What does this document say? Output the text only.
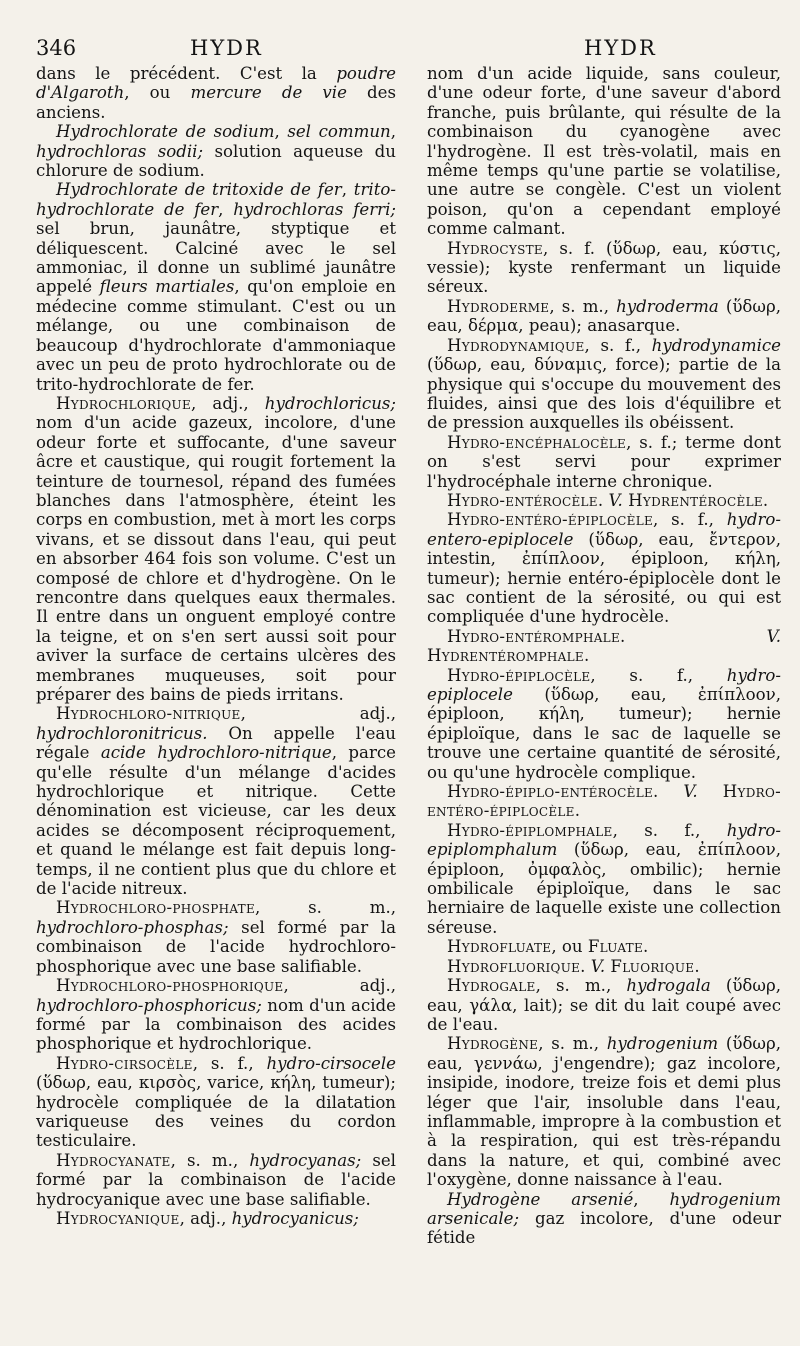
346	HYDR	HYDR

dans le précédent. C'est la poudre d'Algaroth, ou mercure de vie des anciens.

Hydrochlorate de sodium, sel commun, hydrochloras sodii; solution aqueuse du chlorure de sodium.

Hydrochlorate de tritoxide de fer, trito-hydrochlorate de fer, hydrochloras ferri; sel brun, jaunâtre, styptique et déliquescent. Calciné avec le sel ammoniac, il donne un sublimé jaunâtre appelé fleurs martiales, qu'on emploie en médecine comme stimulant. C'est ou un mélange, ou une combinaison de beaucoup d'hydrochlorate d'ammoniaque avec un peu de proto hydrochlorate ou de trito-hydrochlorate de fer.

Hydrochlorique, adj., hydrochloricus; nom d'un acide gazeux, incolore, d'une odeur forte et suffocante, d'une saveur âcre et caustique, qui rougit fortement la teinture de tournesol, répand des fumées blanches dans l'atmosphère, éteint les corps en combustion, met à mort les corps vivans, et se dissout dans l'eau, qui peut en absorber 464 fois son volume. C'est un composé de chlore et d'hydrogène. On le rencontre dans quelques eaux thermales. Il entre dans un onguent employé contre la teigne, et on s'en sert aussi soit pour aviver la surface de certains ulcères des membranes muqueuses, soit pour préparer des bains de pieds irritans.

Hydrochloro-nitrique, adj., hydrochloronitricus. On appelle l'eau régale acide hydrochloro-nitrique, parce qu'elle résulte d'un mélange d'acides hydrochlorique et nitrique. Cette dénomination est vicieuse, car les deux acides se décomposent réciproquement, et quand le mélange est fait depuis long-temps, il ne contient plus que du chlore et de l'acide nitreux.

Hydrochloro-phosphate, s. m., hydrochloro-phosphas; sel formé par la combinaison de l'acide hydrochloro-phosphorique avec une base salifiable.

Hydrochloro-phosphorique, adj., hydrochloro-phosphoricus; nom d'un acide formé par la combinaison des acides phosphorique et hydrochlorique.

Hydro-cirsocèle, s. f., hydro-cirsocele (ὕδωρ, eau, κιρσὸς, varice, κήλη, tumeur); hydrocèle compliquée de la dilatation variqueuse des veines du cordon testiculaire.

Hydrocyanate, s. m., hydrocyanas; sel formé par la combinaison de l'acide hydrocyanique avec une base salifiable.

Hydrocyanique, adj., hydrocyanicus;

nom d'un acide liquide, sans couleur, d'une odeur forte, d'une saveur d'abord franche, puis brûlante, qui résulte de la combinaison du cyanogène avec l'hydrogène. Il est très-volatil, mais en même temps qu'une partie se volatilise, une autre se congèle. C'est un violent poison, qu'on a cependant employé comme calmant.

Hydrocyste, s. f. (ὕδωρ, eau, κύστις, vessie); kyste renfermant un liquide séreux.

Hydroderme, s. m., hydroderma (ὕδωρ, eau, δέρμα, peau); anasarque.

Hydrodynamique, s. f., hydrodynamice (ὕδωρ, eau, δύναμις, force); partie de la physique qui s'occupe du mouvement des fluides, ainsi que des lois d'équilibre et de pression auxquelles ils obéissent.

Hydro-encéphalocèle, s. f.; terme dont on s'est servi pour exprimer l'hydrocéphale interne chronique.

Hydro-entérocèle. V. Hydrentérocèle.

Hydro-entéro-épiplocèle, s. f., hydro-entero-epiplocele (ὕδωρ, eau, ἔντερον, intestin, ἐπίπλοον, épiploon, κήλη, tumeur); hernie entéro-épiplocèle dont le sac contient de la sérosité, ou qui est compliquée d'une hydrocèle.

Hydro-entéromphale. V. Hydrentéromphale.

Hydro-épiplocèle, s. f., hydro-epiplocele (ὕδωρ, eau, ἐπίπλοον, épiploon, κήλη, tumeur); hernie épiploïque, dans le sac de laquelle se trouve une certaine quantité de sérosité, ou qu'une hydrocèle complique.

Hydro-épiplo-entérocèle. V. Hydro-entéro-épiplocèle.

Hydro-épiplomphale, s. f., hydro-epiplomphalum (ὕδωρ, eau, ἐπίπλοον, épiploon, ὀμφαλὸς, ombilic); hernie ombilicale épiploïque, dans le sac herniaire de laquelle existe une collection séreuse.

Hydrofluate, ou Fluate.

Hydrofluorique. V. Fluorique.

Hydrogale, s. m., hydrogala (ὕδωρ, eau, γάλα, lait); se dit du lait coupé avec de l'eau.

Hydrogène, s. m., hydrogenium (ὕδωρ, eau, γεννάω, j'engendre); gaz incolore, insipide, inodore, treize fois et demi plus léger que l'air, insoluble dans l'eau, inflammable, impropre à la combustion et à la respiration, qui est très-répandu dans la nature, et qui, combiné avec l'oxygène, donne naissance à l'eau.

Hydrogène arsenié, hydrogenium arsenicale; gaz incolore, d'une odeur fétide
